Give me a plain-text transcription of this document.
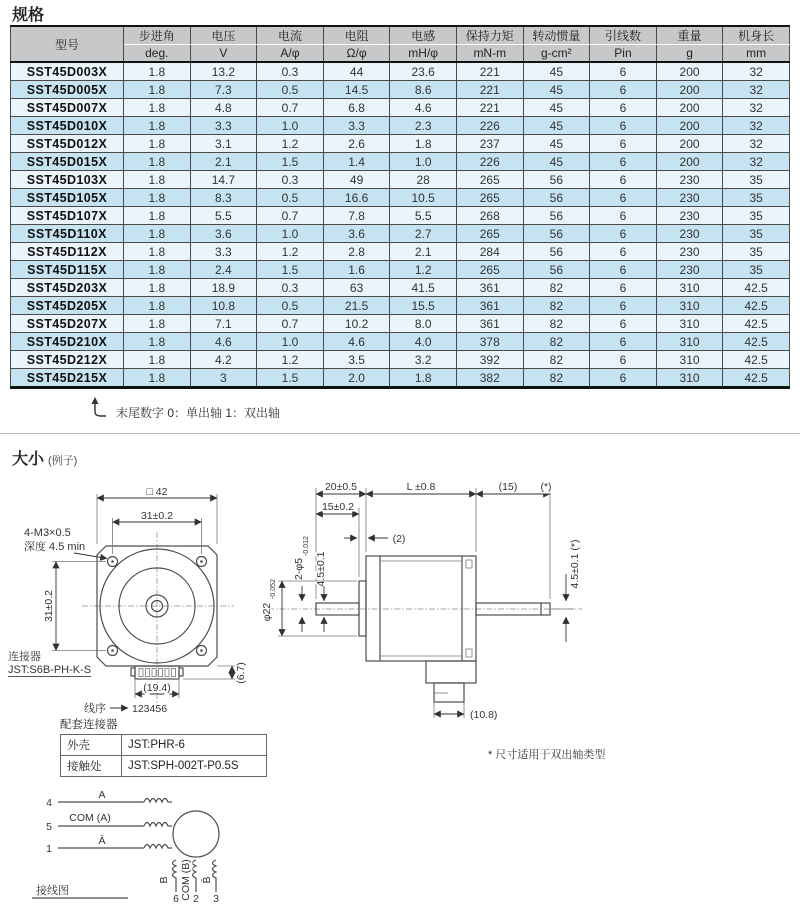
规格
型号	步进角	电压	电流	电阻	电感	保持力矩	转动惯量	引线数	重量	机身长
	deg.	V	A/φ	Ω/φ	mH/φ	mN-m	g-cm²	Pin	g	mm
SST45D003X	1.8	13.2	0.3	44	23.6	221	45	6	200	32
SST45D005X	1.8	7.3	0.5	14.5	8.6	221	45	6	200	32
SST45D007X	1.8	4.8	0.7	6.8	4.6	221	45	6	200	32
SST45D010X	1.8	3.3	1.0	3.3	2.3	226	45	6	200	32
SST45D012X	1.8	3.1	1.2	2.6	1.8	237	45	6	200	32
SST45D015X	1.8	2.1	1.5	1.4	1.0	226	45	6	200	32
SST45D103X	1.8	14.7	0.3	49	28	265	56	6	230	35
SST45D105X	1.8	8.3	0.5	16.6	10.5	265	56	6	230	35
SST45D107X	1.8	5.5	0.7	7.8	5.5	268	56	6	230	35
SST45D110X	1.8	3.6	1.0	3.6	2.7	265	56	6	230	35
SST45D112X	1.8	3.3	1.2	2.8	2.1	284	56	6	230	35
SST45D115X	1.8	2.4	1.5	1.6	1.2	265	56	6	230	35
SST45D203X	1.8	18.9	0.3	63	41.5	361	82	6	310	42.5
SST45D205X	1.8	10.8	0.5	21.5	15.5	361	82	6	310	42.5
SST45D207X	1.8	7.1	0.7	10.2	8.0	361	82	6	310	42.5
SST45D210X	1.8	4.6	1.0	4.6	4.0	378	82	6	310	42.5
SST45D212X	1.8	4.2	1.2	3.5	3.2	392	82	6	310	42.5
SST45D215X	1.8	3	1.5	2.0	1.8	382	82	6	310	42.5
末尾数字 0：单出轴 1：双出轴
大小 (例子)
□ 42
31±0.2
31±0.2
4-M3×0.5
深度 4.5 min
(19.4)
线序 123456
(6.7)
连接器
JST:S6B-PH-K-S
20±0.5	L ±0.8	(15) (*)
15±0.2
(2)
2-φ5
-0.012
4.5±0.1
φ22
-0.052
4.5±0.1 (*)
(10.8)
配套连接器
外壳	JST:PHR-6
接触处	JST:SPH-002T-P0.5S
* 尺寸适用于双出轴类型
4
5
1
A
COM (A)
Ā
B COM (B) B̄
6 2 3
接线图
